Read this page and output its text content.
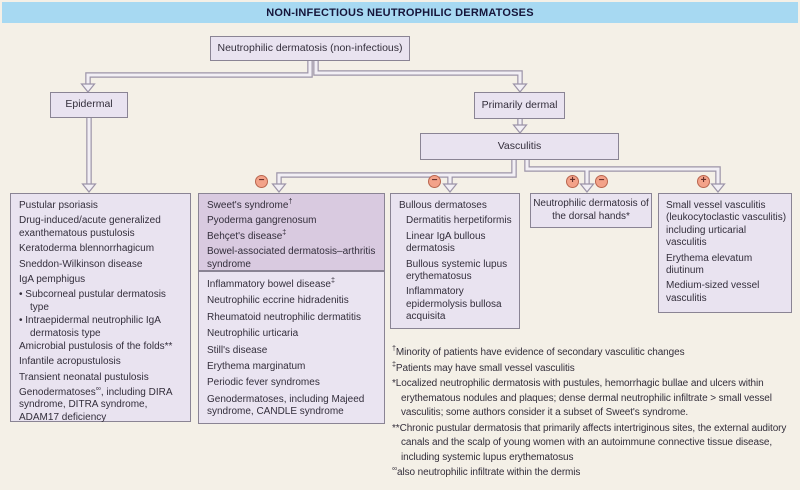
NON-INFECTIOUS NEUTROPHILIC DERMATOSES
Neutrophilic dermatosis (non-infectious)
Epidermal	Primarily dermal
Vasculitis
−	−	+	−	+
Pustular psoriasis
Drug-induced/acute generalized exanthematous pustulosis
Keratoderma blennorrhagicum
Sneddon-Wilkinson disease
IgA pemphigus
• Subcorneal pustular dermatosis type
• Intraepidermal neutrophilic IgA dermatosis type
Amicrobial pustulosis of the folds**
Infantile acropustulosis
Transient neonatal pustulosis
Genodermatoses∞, including DIRA syndrome, DITRA syndrome, ADAM17 deficiency
Sweet's syndrome†
Pyoderma gangrenosum
Behçet's disease‡
Bowel-associated dermatosis–arthritis syndrome
Inflammatory bowel disease‡
Neutrophilic eccrine hidradenitis
Rheumatoid neutrophilic dermatitis
Neutrophilic urticaria
Still's disease
Erythema marginatum
Periodic fever syndromes
Genodermatoses, including Majeed syndrome, CANDLE syndrome
Bullous dermatoses
Dermatitis herpetiformis
Linear IgA bullous dermatosis
Bullous systemic lupus erythematosus
Inflammatory epidermolysis bullosa acquisita
Neutrophilic dermatosis of the dorsal hands*
Small vessel vasculitis (leukocytoclastic vasculitis) including urticarial vasculitis
Erythema elevatum diutinum
Medium-sized vessel vasculitis
†Minority of patients have evidence of secondary vasculitic changes
‡Patients may have small vessel vasculitis
*Localized neutrophilic dermatosis with pustules, hemorrhagic bullae and ulcers within erythematous nodules and plaques; dense dermal neutrophilic infiltrate > small vessel vasculitis; some authors consider it a subset of Sweet's syndrome.
**Chronic pustular dermatosis that primarily affects intertriginous sites, the external auditory canals and the scalp of young women with an autoimmune connective tissue disease, including systemic lupus erythematosus
∞also neutrophilic infiltrate within the dermis
